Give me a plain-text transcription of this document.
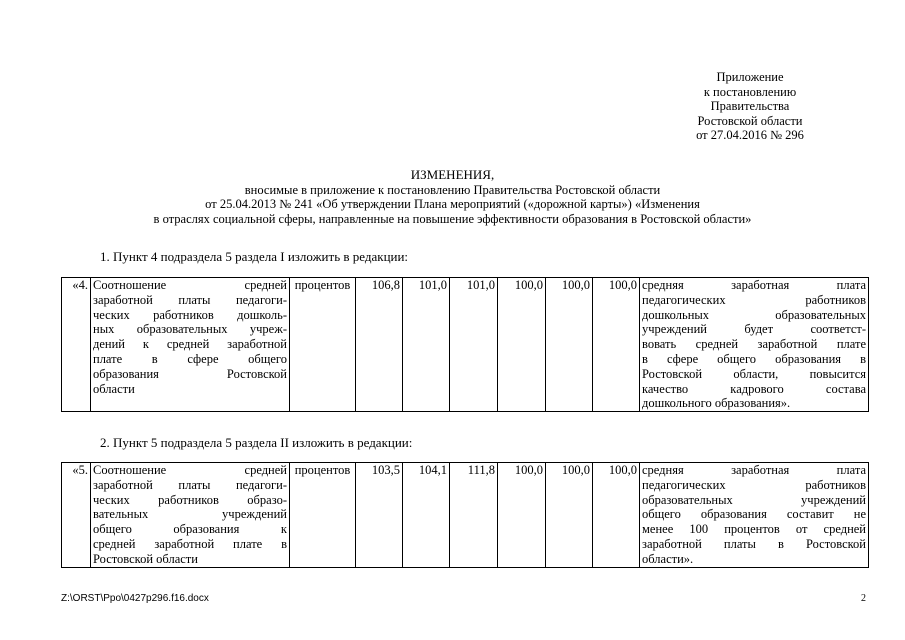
Приложение
к постановлению
Правительства
Ростовской области
от 27.04.2016 № 296
ИЗМЕНЕНИЯ,
вносимые в приложение к постановлению Правительства Ростовской области
от 25.04.2013 № 241 «Об утверждении Плана мероприятий («дорожной карты») «Изменения
в отраслях социальной сферы, направленные на повышение эффективности образования в Ростовской области»
1. Пункт 4 подраздела 5 раздела I изложить в редакции:
«4.	Соотношение средней
заработной платы педагоги-
ческих работников дошколь-
ных образовательных учреж-
дений к средней заработной
плате в сфере общего
образования Ростовской
области
	процентов	106,8	101,0	101,0	100,0	100,0	100,0	средняя заработная плата
педагогических работников
дошкольных образовательных
учреждений будет соответст-
вовать средней заработной плате
в сфере общего образования в
Ростовской области, повысится
качество кадрового состава
дошкольного образования».
2. Пункт 5 подраздела 5 раздела II изложить в редакции:
«5.	Соотношение средней
заработной платы педагоги-
ческих работников образо-
вательных учреждений
общего образования к
средней заработной плате в
Ростовской области
	процентов	103,5	104,1	111,8	100,0	100,0	100,0	средняя заработная плата
педагогических работников
образовательных учреждений
общего образования составит не
менее 100 процентов от средней
заработной платы в Ростовской
области».
Z:\ORST\Ppo\0427p296.f16.docx	2
